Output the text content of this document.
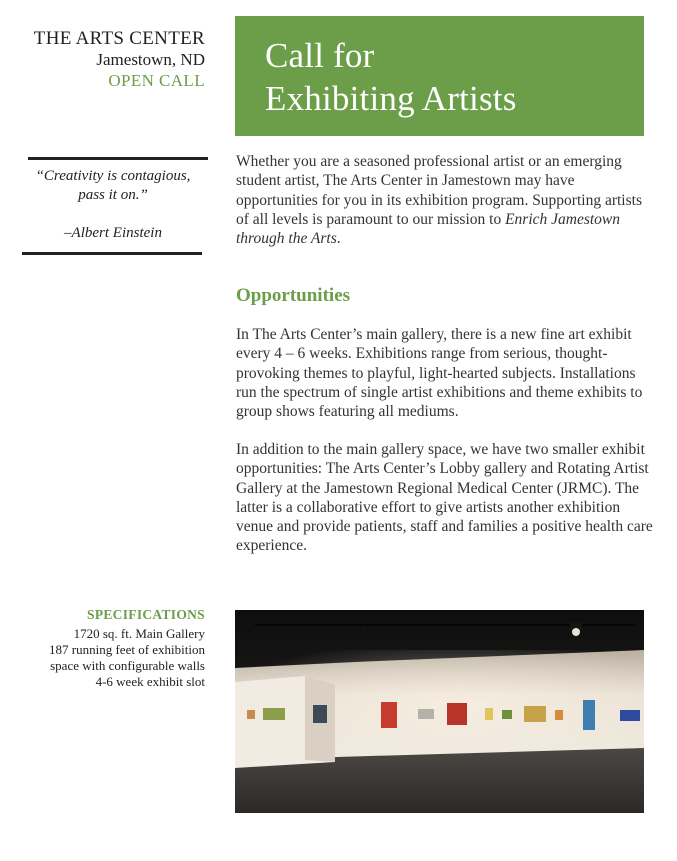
THE ARTS CENTER
Jamestown, ND
OPEN CALL
Call for
Exhibiting Artists
“Creativity is contagious, pass it on.”
–Albert Einstein
Whether you are a seasoned professional artist or an emerging student artist, The Arts Center in Jamestown may have opportunities for you in its exhibition program. Supporting artists of all levels is paramount to our mission to Enrich Jamestown through the Arts.
Opportunities
In The Arts Center’s main gallery, there is a new fine art exhibit every 4 – 6 weeks. Exhibitions range from serious, thought-provoking themes to playful, light-hearted subjects. Installations run the spectrum of single artist exhibitions and theme exhibits to group shows featuring all mediums.
In addition to the main gallery space, we have two smaller exhibit opportunities: The Arts Center’s Lobby gallery and Rotating Artist Gallery at the Jamestown Regional Medical Center (JRMC). The latter is a collaborative effort to give artists another exhibition venue and provide patients, staff and families a positive health care experience.
SPECIFICATIONS
1720 sq. ft. Main Gallery
187 running feet of exhibition
space with configurable walls
4-6 week exhibit slot
